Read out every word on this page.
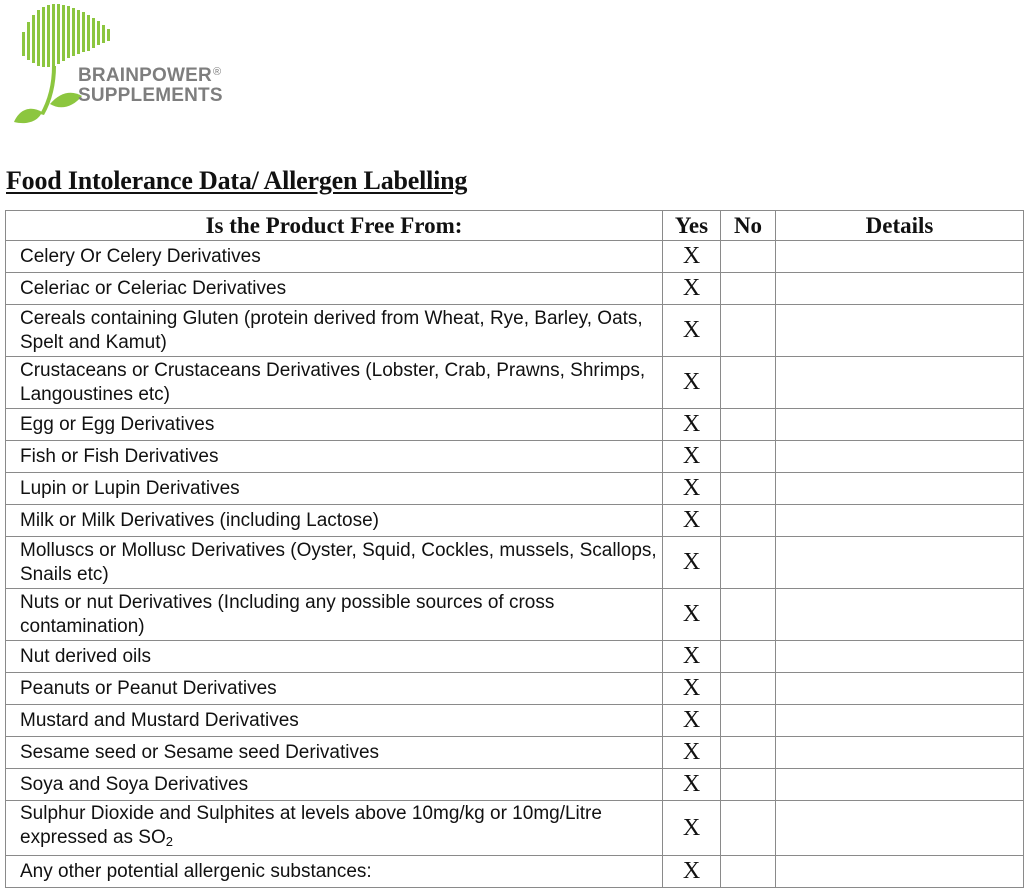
BRAINPOWER®
SUPPLEMENTS
Food Intolerance Data/ Allergen Labelling
Is the Product Free From:	Yes	No	Details
Celery Or Celery Derivatives	X		
Celeriac or Celeriac Derivatives	X		
Cereals containing Gluten (protein derived from Wheat, Rye, Barley, Oats, Spelt and Kamut)	X		
Crustaceans or Crustaceans Derivatives (Lobster, Crab, Prawns, Shrimps, Langoustines etc)	X		
Egg or Egg Derivatives	X		
Fish or Fish Derivatives	X		
Lupin or Lupin Derivatives	X		
Milk or Milk Derivatives (including Lactose)	X		
Molluscs or Mollusc Derivatives (Oyster, Squid, Cockles, mussels, Scallops, Snails etc)	X		
Nuts or nut Derivatives (Including any possible sources of cross contamination)	X		
Nut derived oils	X		
Peanuts or Peanut Derivatives	X		
Mustard and Mustard Derivatives	X		
Sesame seed or Sesame seed Derivatives	X		
Soya and Soya Derivatives	X		
Sulphur Dioxide and Sulphites at levels above 10mg/kg or 10mg/Litre expressed as $SO_2$	X		
Any other potential allergenic substances:	X		
